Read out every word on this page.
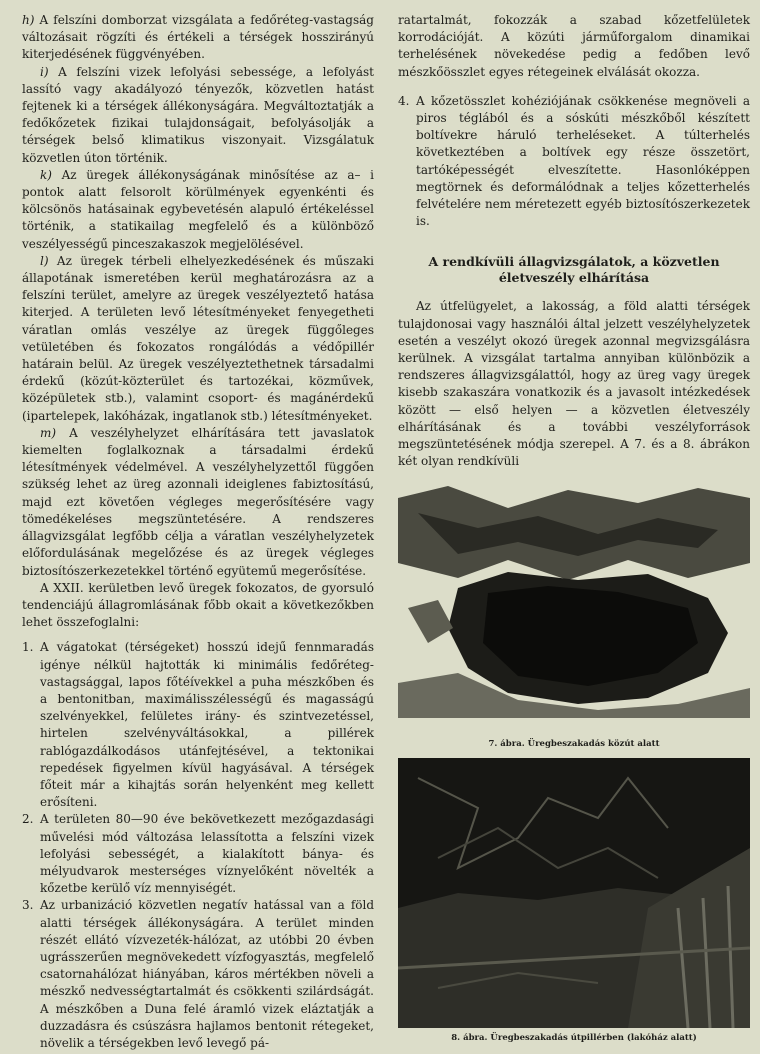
h) A felszíni domborzat vizsgálata a fedőréteg-vastagság változásait rögzíti és értékeli a térségek hosszirányú kiterjedésének függvényében.

i) A felszíni vizek lefolyási sebessége, a lefolyást lassító vagy akadályozó tényezők, közvetlen hatást fejtenek ki a térségek állékonyságára. Megváltoztatják a fedőkőzetek fizikai tulajdonságait, befolyásolják a térségek belső klimatikus viszonyait. Vizsgálatuk közvetlen úton történik.

k) Az üregek állékonyságának minősítése az a– i pontok alatt felsorolt körülmények egyenkénti és kölcsönös hatásainak egybevetésén alapuló értékeléssel történik, a statikailag megfelelő és a különböző veszélyességű pinceszakaszok megjelölésével.

l) Az üregek térbeli elhelyezkedésének és műszaki állapotának ismeretében kerül meghatározásra az a felszíni terület, amelyre az üregek veszélyeztető hatása kiterjed. A területen levő létesítményeket fenyegetheti váratlan omlás veszélye az üregek függőleges vetületében és fokozatos rongálódás a védőpillér határain belül. Az üregek veszélyeztethetnek társadalmi érdekű (közút-közterület és tartozékai, közművek, középületek stb.), valamint csoport- és magánérdekű (ipartelepek, lakóházak, ingatlanok stb.) létesítményeket.

m) A veszélyhelyzet elhárítására tett javaslatok kiemelten foglalkoznak a társadalmi érdekű létesítmények védelmével. A veszélyhelyzettől függően szükség lehet az üreg azonnali ideiglenes fabiztosítású, majd ezt követően végleges megerősítésére vagy tömedékeléses megszüntetésére. A rendszeres állagvizsgálat legfőbb célja a váratlan veszélyhelyzetek előfordulásának megelőzése és az üregek végleges biztosítószerkezetekkel történő együtemű megerősítése.

A XXII. kerületben levő üregek fokozatos, de gyorsuló tendenciájú állagromlásának főbb okait a következőkben lehet összefoglalni:

1. A vágatokat (térségeket) hosszú idejű fennmaradás igénye nélkül hajtották ki minimális fedőréteg-vastagsággal, lapos főtéívekkel a puha mészkőben és a bentonitban, maximálisszélességű és magasságú szelvényekkel, felületes irány- és szintvezetéssel, hirtelen szelvényváltásokkal, a pillérek rablógazdálkodásos utánfejtésével, a tektonikai repedések figyelmen kívül hagyásával. A térségek főteit már a kihajtás során helyenként meg kellett erősíteni.
2. A területen 80—90 éve bekövetkezett mezőgazdasági művelési mód változása lelassította a felszíni vizek lefolyási sebességét, a kialakított bánya- és mélyudvarok mesterséges víznyelőként növelték a kőzetbe kerülő víz mennyiségét.
3. Az urbanizáció közvetlen negatív hatással van a föld alatti térségek állékonyságára. A terület minden részét ellátó vízvezeték-hálózat, az utóbbi 20 évben ugrásszerűen megnövekedett vízfogyasztás, megfelelő csatornahálózat hiányában, káros mértékben növeli a mészkő nedvességtartalmát és csökkenti szilárdságát. A mészkőben a Duna felé áramló vizek eláztatják a duzzadásra és csúszásra hajlamos bentonit rétegeket, növelik a térségekben levő levegő pá-

ratartalmát, fokozzák a szabad kőzetfelületek korrodációját. A közúti járműforgalom dinamikai terhelésének növekedése pedig a fedőben levő mészkőösszlet egyes rétegeinek elválását okozza.

4. A kőzetösszlet kohéziójának csökkenése megnöveli a piros téglából és a sóskúti mészkőből készített boltívekre háruló terheléseket. A túlterhelés következtében a boltívek egy része összetört, tartóképességét elveszítette. Hasonlóképpen megtörnek és deformálódnak a teljes kőzetterhelés felvételére nem méretezett egyéb biztosítószerkezetek is.
A rendkívüli állagvizsgálatok, a közvetlen életveszély elhárítása

Az útfelügyelet, a lakosság, a föld alatti térségek tulajdonosai vagy használói által jelzett veszélyhelyzetek esetén a veszélyt okozó üregek azonnal megvizsgálásra kerülnek. A vizsgálat tartalma annyiban különbözik a rendszeres állagvizsgálattól, hogy az üreg vagy üregek kisebb szakaszára vonatkozik és a javasolt intézkedések között — első helyen — a közvetlen életveszély elhárításának és a további veszélyforrások megszüntetésének módja szerepel. A 7. és a 8. ábrákon két olyan rendkívüli

7. ábra. Üregbeszakadás közút alatt
8. ábra. Üregbeszakadás útpillérben (lakóház alatt)
